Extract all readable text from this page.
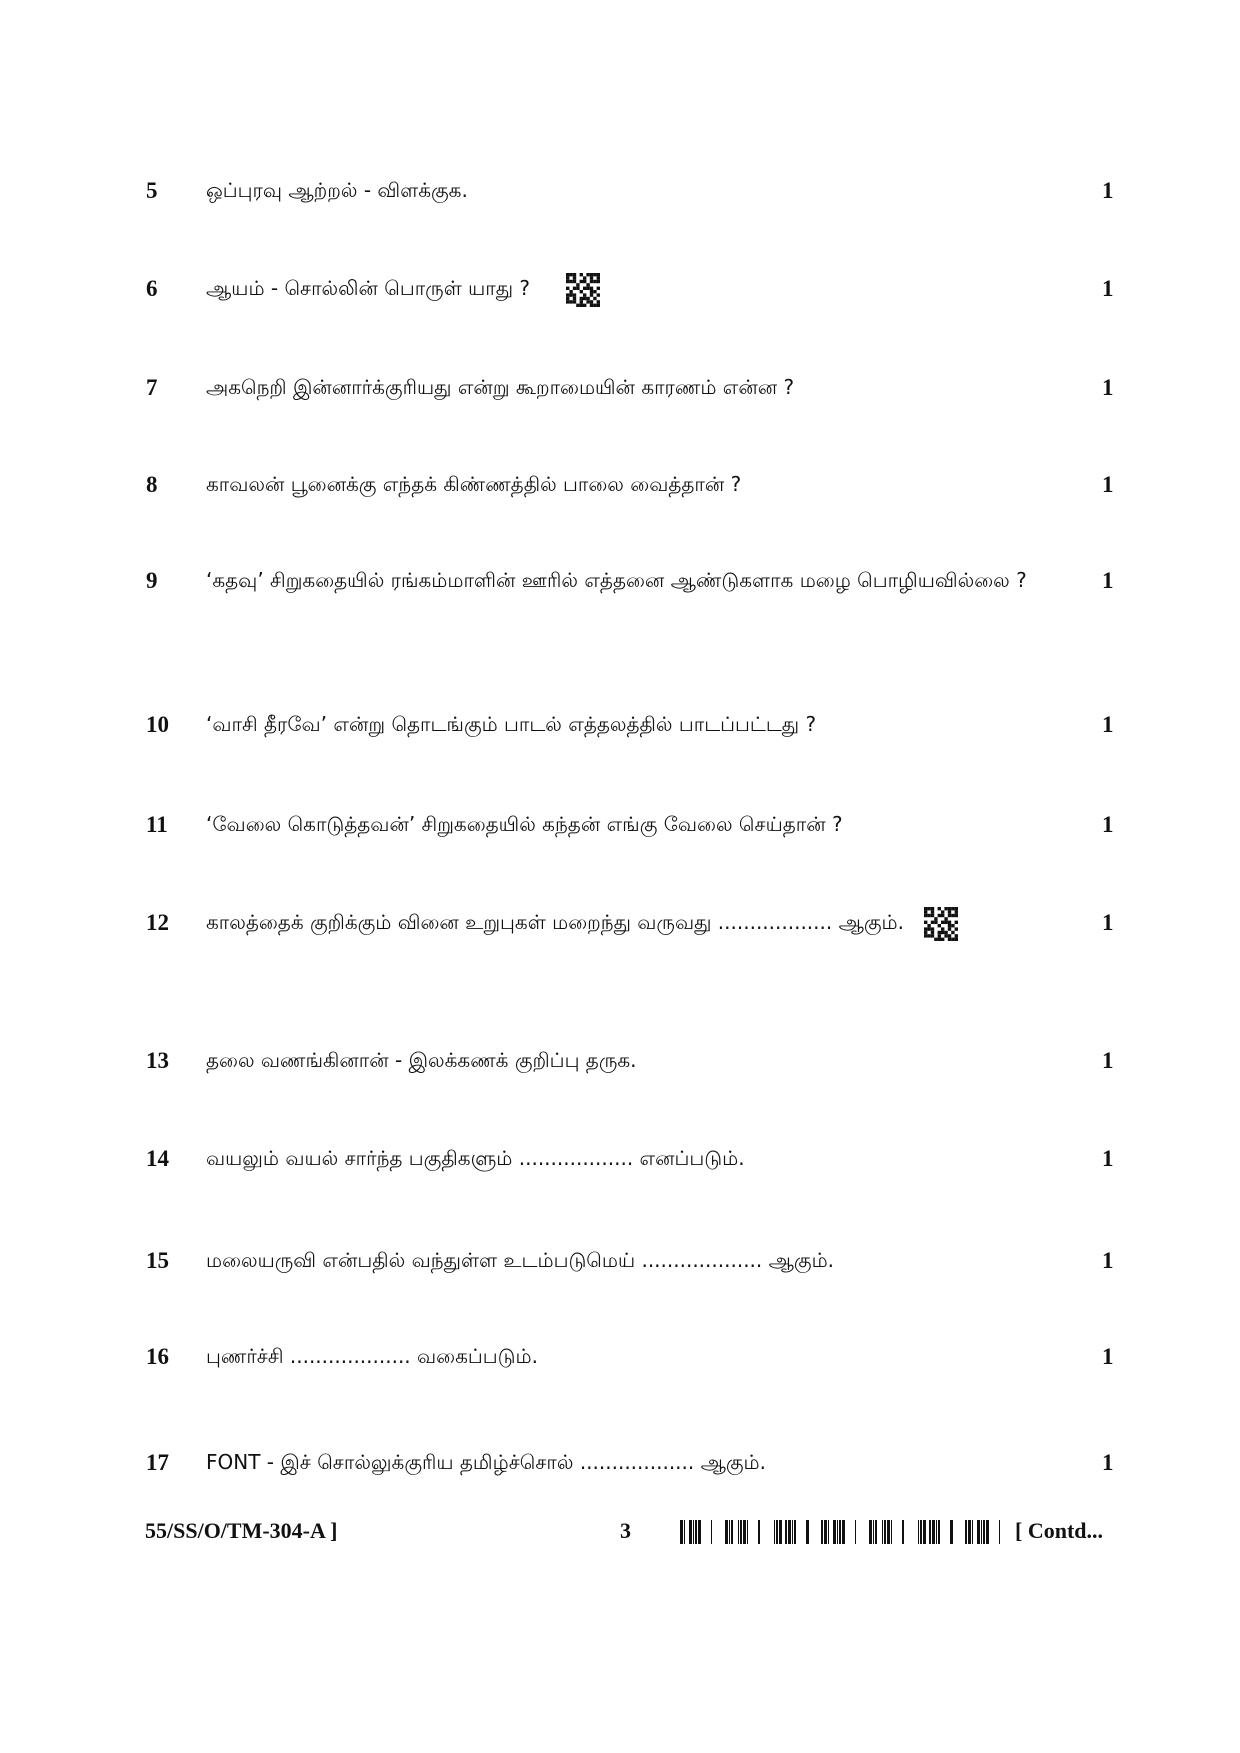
5 ஒப்புரவு ஆற்றல் - விளக்குக.	1
6 ஆயம் - சொல்லின் பொருள் யாது ?	1
7 அகநெறி இன்னார்க்குரியது என்று கூறாமையின் காரணம் என்ன ?	1
8 காவலன் பூனைக்கு எந்தக் கிண்ணத்தில் பாலை வைத்தான் ?	1
9 ‘கதவு’ சிறுகதையில் ரங்கம்மாளின் ஊரில் எத்தனை ஆண்டுகளாக மழை பொழியவில்லை ?	1
10 ‘வாசி தீரவே’ என்று தொடங்கும் பாடல் எத்தலத்தில் பாடப்பட்டது ?	1
11 ‘வேலை கொடுத்தவன்’ சிறுகதையில் கந்தன் எங்கு வேலை செய்தான் ?	1
12 காலத்தைக் குறிக்கும் வினை உறுபுகள் மறைந்து வருவது .................. ஆகும்.	1
13 தலை வணங்கினான் - இலக்கணக் குறிப்பு தருக.	1
14 வயலும் வயல் சார்ந்த பகுதிகளும் .................. எனப்படும்.	1
15 மலையருவி என்பதில் வந்துள்ள உடம்படுமெய் ................... ஆகும்.	1
16 புணர்ச்சி ................... வகைப்படும்.	1
17 FONT - இச் சொல்லுக்குரிய தமிழ்ச்சொல் .................. ஆகும்.	1
55/SS/O/TM-304-A ]	3	[ Contd...
